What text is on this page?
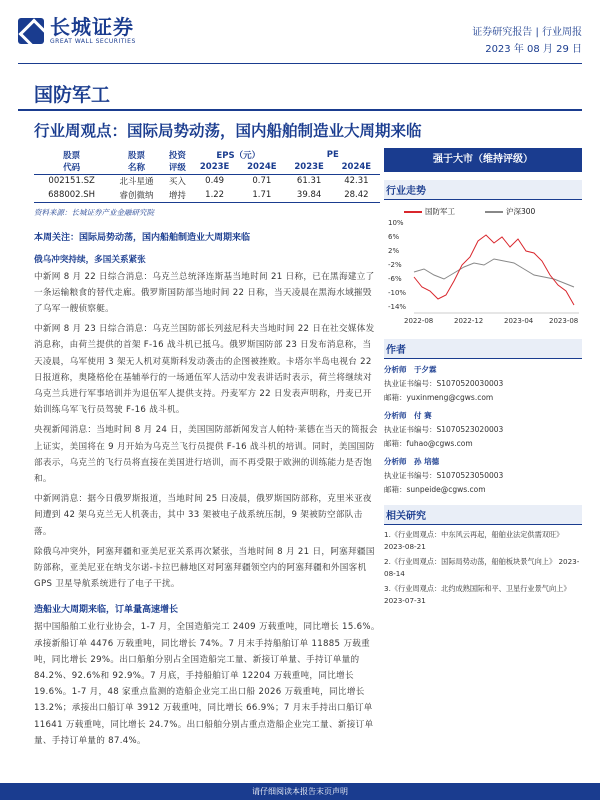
长城证券
GREAT WALL SECURITIES
证券研究报告 | 行业周报
2023 年 08 月 29 日
国防军工
行业周观点：国际局势动荡，国内船舶制造业大周期来临
股票	股票	投资	EPS（元）		PE	
代码	名称	评级	2023E	2024E	2023E	2024E
002151.SZ	北斗星通	买入	0.49	0.71	61.31	42.31
688002.SH	睿创微纳	增持	1.22	1.71	39.84	28.42
资料来源：长城证券产业金融研究院
本周关注：国际局势动荡，国内船舶制造业大周期来临
俄乌冲突持续，多国关系紧张
中新网 8 月 22 日综合消息：乌克兰总统泽连斯基当地时间 21 日称，已在黑海建立了一条运输粮食的替代走廊。俄罗斯国防部当地时间 22 日称，当天凌晨在黑海水域摧毁了乌军一艘侦察艇。
中新网 8 月 23 日综合消息：乌克兰国防部长列兹尼科夫当地时间 22 日在社交媒体发消息称，由荷兰提供的首架 F-16 战斗机已抵乌。俄罗斯国防部 23 日发布消息称，当天凌晨，乌军使用 3 架无人机对莫斯科发动袭击的企图被挫败。卡塔尔半岛电视台 22 日报道称，奥隆格伦在基辅举行的一场通伍军人活动中发表讲话时表示，荷兰将继续对乌克兰兵进行军事培训并为退伍军人提供支持。丹麦军方 22 日发表声明称，丹麦已开始训练乌军飞行员驾驶 F-16 战斗机。
央视新闻消息：当地时间 8 月 24 日，美国国防部新闻发言人帕特·莱德在当天的简报会上证实，美国将在 9 月开始为乌克兰飞行员提供 F-16 战斗机的培训。同时，美国国防部表示，乌克兰的飞行员将直接在美国进行培训，而不再受限于欧洲的训练能力是否饱和。
中新网消息：据今日俄罗斯报道，当地时间 25 日凌晨，俄罗斯国防部称，克里米亚夜间遭到 42 架乌克兰无人机袭击，其中 33 架被电子战系统压制，9 架被防空部队击落。
除俄乌冲突外，阿塞拜疆和亚美尼亚关系再次紧张，当地时间 8 月 21 日，阿塞拜疆国防部称，亚美尼亚在纳戈尔诺-卡拉巴赫地区对阿塞拜疆领空内的阿塞拜疆和外国客机 GPS 卫星导航系统进行了电子干扰。
造船业大周期来临，订单量高速增长
据中国船舶工业行业协会，1-7 月，全国造船完工 2409 万载重吨，同比增长 15.6%。承接新船订单 4476 万载重吨，同比增长 74%。7 月末手持船舶订单 11885 万载重吨，同比增长 29%。出口船舶分别占全国造船完工量、新接订单量、手持订单量的 84.2%、92.6%和 92.9%。7 月底，手持船舶订单 12204 万载重吨，同比增长 19.6%。1-7 月，48 家重点监测的造船企业完工出口船 2026 万载重吨，同比增长 13.2%；承接出口船订单 3912 万载重吨，同比增长 66.9%；7 月末手持出口船订单 11641 万载重吨，同比增长 24.7%。出口船舶分别占重点造船企业完工量、新接订单量、手持订单量的 87.4%。
强于大市（维持评级）
行业走势
国防军工	沪深300
10%
6%
2%
-2%
-6%
-10%
-14%
2022-08	2022-12	2023-04 2023-08
作者
分析师　 于夕霖
执业证书编号：S1070520030003
邮箱：yuxinmeng@cgws.com
分析师　 付 赛
执业证书编号：S1070523020003
邮箱：fuhao@cgws.com
分析师　 孙 培德
执业证书编号：S1070523050003
邮箱：sunpeide@cgws.com
相关研究
1.《行业周观点：中东风云再起，船舶业法定供需双旺》 2023-08-21
2.《行业周观点：国际局势动荡，船舶板块景气向上》 2023-08-14
3.《行业周观点：北约成熟国际和平、卫星行业景气向上》 2023-07-31
请仔细阅读本报告末页声明
